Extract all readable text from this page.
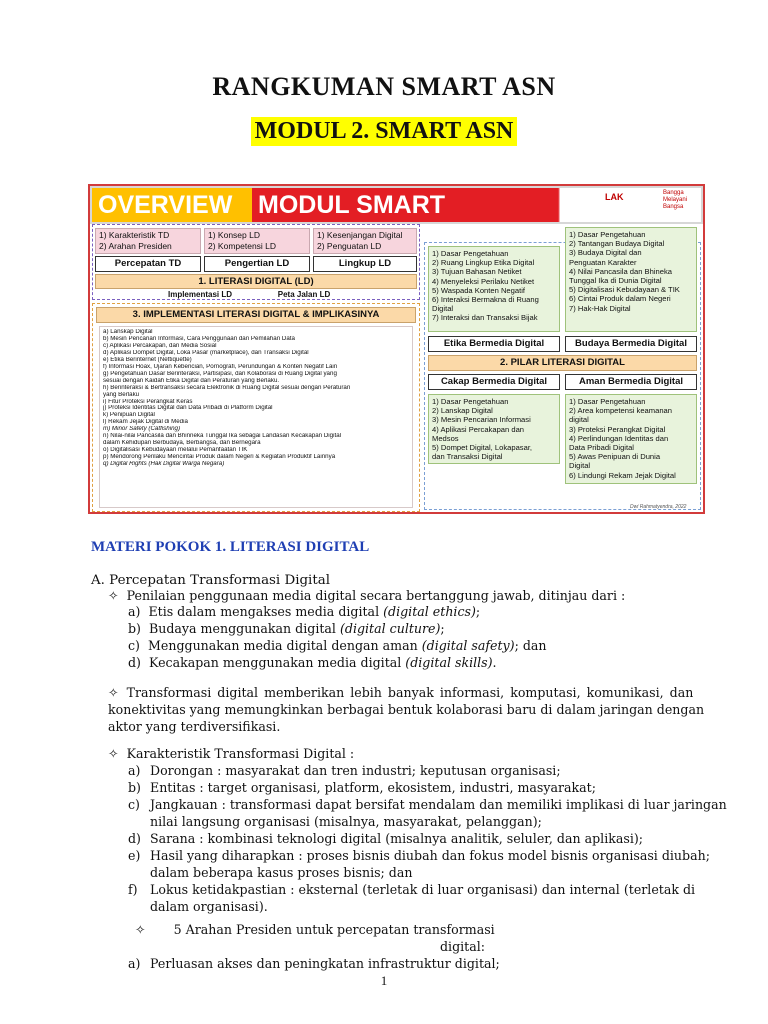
RANGKUMAN SMART ASN
MODUL 2. SMART ASN
OVERVIEW	MODUL SMART	LAK	Bangga Melayani Bangsa
1) Karakteristik TD
2) Arahan Presiden
1) Konsep LD
2) Kompetensi LD
1) Kesenjangan Digital
2) Penguatan LD
Percepatan TD	Pengertian LD	Lingkup LD
1. LITERASI DIGITAL (LD)
Implementasi LD	Peta Jalan LD
3. IMPLEMENTASI LITERASI DIGITAL & IMPLIKASINYA
a) Lanskap Digital
b) Mesin Pencarian Informasi, Cara Penggunaan dan Pemilahan Data
c) Aplikasi Percakapan, dan Media Sosial
d) Aplikasi Dompet Digital, Loka Pasar (marketplace), dan Transaksi Digital
e) Etika Berinternet (Nettiquette)
f) Informasi Hoax, Ujaran Kebencian, Pornografi, Perundungan & Konten Negatif Lain
g) Pengetahuan Dasar Berinteraksi, Partisipasi, dan Kolaborasi di Ruang Digital yang
sesuai dengan Kaidah Etika Digital dan Peraturan yang Berlaku.
h) Berinteraksi & Bertransaksi secara Elektronik di Ruang Digital sesuai dengan Peraturan
yang Berlaku
i) Fitur Proteksi Perangkat Keras
j) Proteksi Identitas Digital dan Data Pribadi di Platform Digital
k) Penipuan Digital
l) Rekam Jejak Digital di Media
m) Minor Safety (Catfishing)
n) Nilai-nilai Pancasila dan Bhinneka Tunggal Ika sebagai Landasan Kecakapan Digital
dalam Kehidupan Berbudaya, Berbangsa, dan Bernegara
o) Digitalisasi Kebudayaan melalui Pemanfaatan TIK
p) Mendorong Perilaku Mencintai Produk dalam Negeri & Kegiatan Produktif Lainnya
q) Digital Rights (Hak Digital Warga Negara)
1) Dasar Pengetahuan
2) Ruang Lingkup Etika Digital
3) Tujuan Bahasan Netiket
4) Menyeleksi Perilaku Netiket
5) Waspada Konten Negatif
6) Interaksi Bermakna di Ruang
Digital
7) Interaksi dan Transaksi Bijak
1) Dasar Pengetahuan
2) Tantangan Budaya Digital
3) Budaya Digital dan
Penguatan Karakter
4) Nilai Pancasila dan Bhineka
Tunggal Ika di Dunia Digital
5) Digitalisasi Kebudayaan & TIK
6) Cintai Produk dalam Negeri
7) Hak-Hak Digital
Etika Bermedia Digital	Budaya Bermedia Digital
2. PILAR LITERASI DIGITAL
Cakap Bermedia Digital	Aman Bermedia Digital
1) Dasar Pengetahuan
2) Lanskap Digital
3) Mesin Pencarian Informasi
4) Aplikasi Percakapan dan
Medsos
5) Dompet Digital, Lokapasar,
dan Transaksi Digital
1) Dasar Pengetahuan
2) Area kompetensi keamanan
digital
3) Proteksi Perangkat Digital
4) Perlindungan Identitas dan
Data Pribadi Digital
5) Awas Penipuan di Dunia
Digital
6) Lindungi Rekam Jejak Digital
Dwi Rahmatyendra, 2022
MATERI POKOK 1. LITERASI DIGITAL
A. Percepatan Transformasi Digital
✧ Penilaian penggunaan media digital secara bertanggung jawab, ditinjau dari :
a) Etis dalam mengakses media digital (digital ethics);
b) Budaya menggunakan digital (digital culture);
c) Menggunakan media digital dengan aman (digital safety); dan
d) Kecakapan menggunakan media digital (digital skills).
✧ Transformasi digital memberikan lebih banyak informasi, komputasi, komunikasi, dan
konektivitas yang memungkinkan berbagai bentuk kolaborasi baru di dalam jaringan dengan
aktor yang terdiversifikasi.
✧ Karakteristik Transformasi Digital :
a) Dorongan : masyarakat dan tren industri; keputusan organisasi;
b) Entitas : target organisasi, platform, ekosistem, industri, masyarakat;
c) Jangkauan : transformasi dapat bersifat mendalam dan memiliki implikasi di luar jaringan
nilai langsung organisasi (misalnya, masyarakat, pelanggan);
d) Sarana : kombinasi teknologi digital (misalnya analitik, seluler, dan aplikasi);
e) Hasil yang diharapkan : proses bisnis diubah dan fokus model bisnis organisasi diubah;
dalam beberapa kasus proses bisnis; dan
f) Lokus ketidakpastian : eksternal (terletak di luar organisasi) dan internal (terletak di
dalam organisasi).
✧ 5 Arahan Presiden untuk percepatan transformasi
digital:
a) Perluasan akses dan peningkatan infrastruktur digital;
1
